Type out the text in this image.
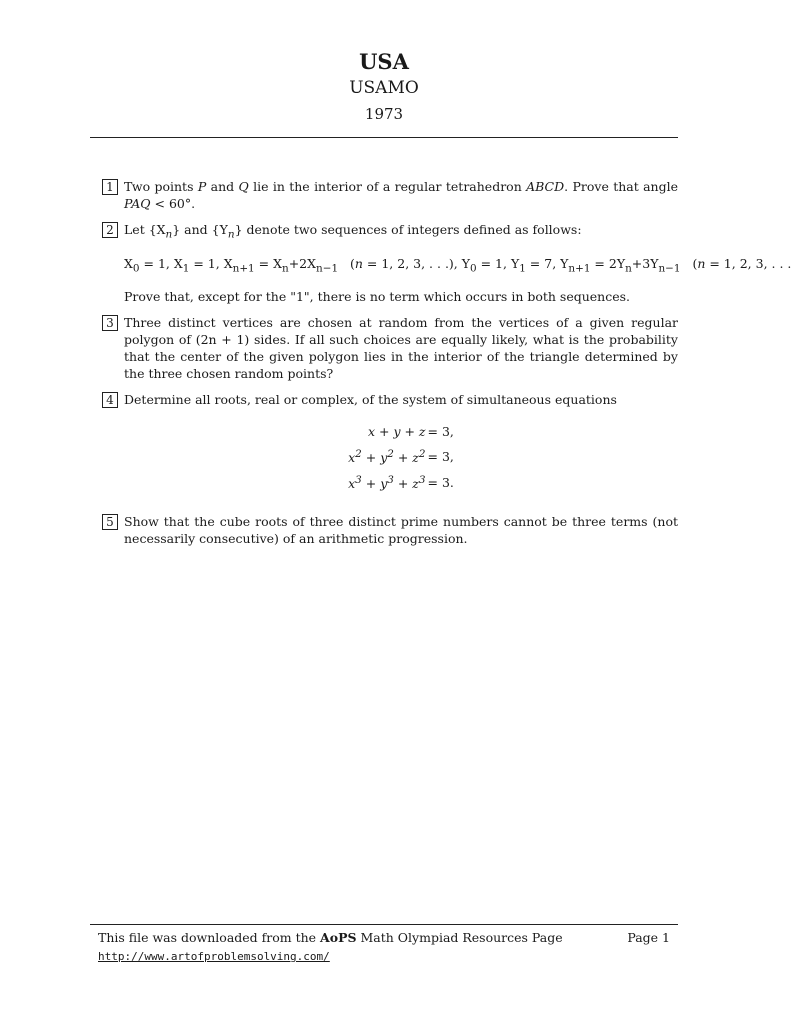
USA
USAMO
1973
1 Two points P and Q lie in the interior of a regular tetrahedron ABCD. Prove that angle PAQ < 60°.
2 Let $\{X_n\}$ and $\{Y_n\}$ denote two sequences of integers defined as follows:
$X_0 = 1$, $X_1 = 1$, $X_{n+1} = X_n+2X_{n-1}$   (n = 1, 2, 3, . . .), $Y_0 = 1$, $Y_1 = 7$, $Y_{n+1} = 2Y_n+3Y_{n-1}$   (n = 1, 2, 3, . . .
Prove that, except for the "1", there is no term which occurs in both sequences.
3 Three distinct vertices are chosen at random from the vertices of a given regular polygon of (2n + 1) sides. If all such choices are equally likely, what is the probability that the center of the given polygon lies in the interior of the triangle determined by the three chosen random points?
4 Determine all roots, real or complex, of the system of simultaneous equations
x + y + z	= 3,
$x^2 + y^2 + z^2$	= 3,
$x^3 + y^3 + z^3$	= 3.
5 Show that the cube roots of three distinct prime numbers cannot be three terms (not necessarily consecutive) of an arithmetic progression.
This file was downloaded from the AoPS Math Olympiad Resources Page	Page 1
http://www.artofproblemsolving.com/
